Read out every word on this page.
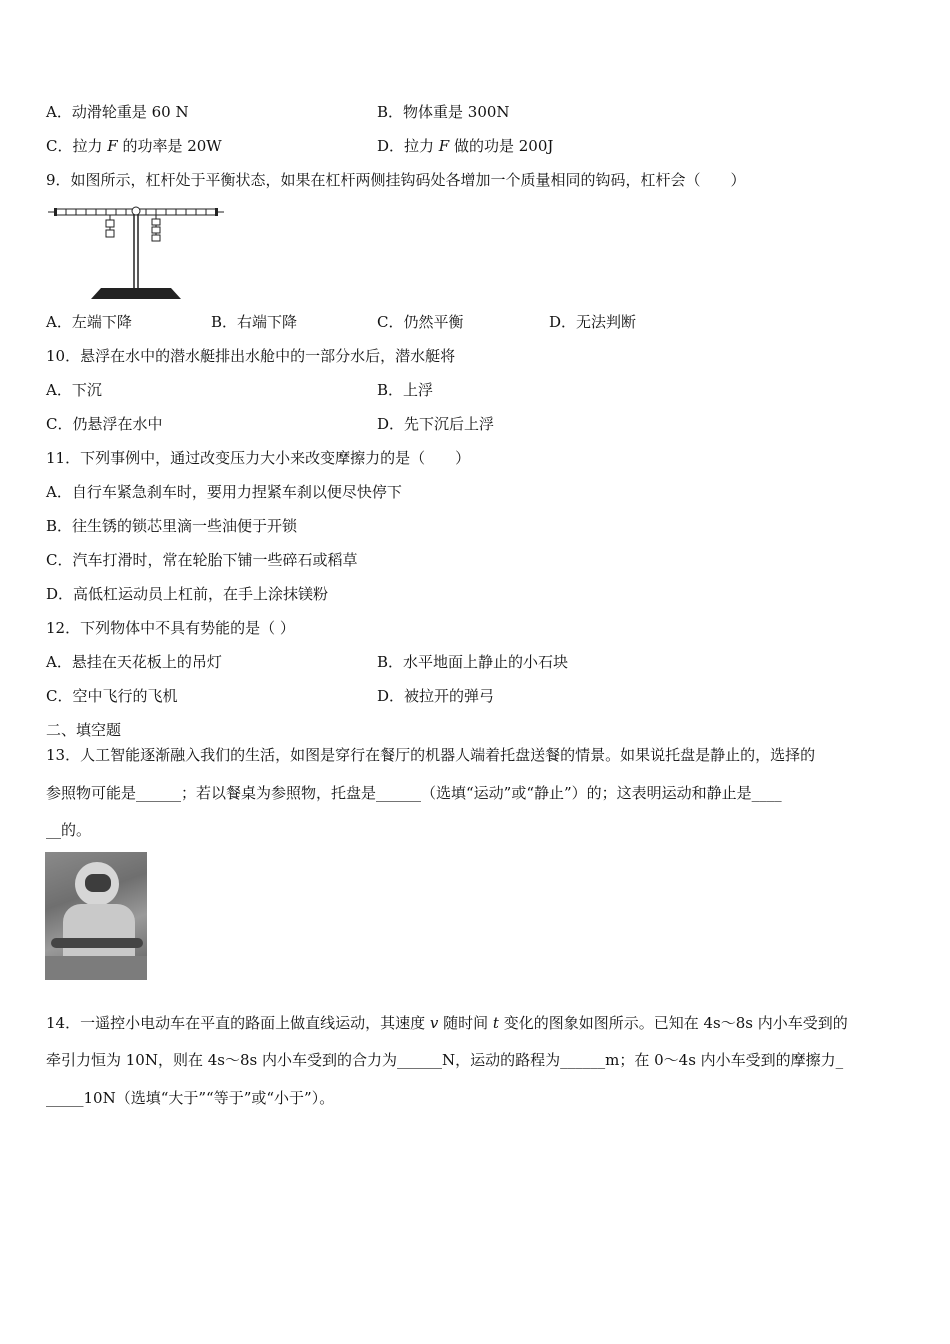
A．动滑轮重是 60 N	B．物体重是 300N
C．拉力 F 的功率是 20W	D．拉力 F 做的功是 200J
9．如图所示，杠杆处于平衡状态，如果在杠杆两侧挂钩码处各增加一个质量相同的钩码，杠杆会（　　）
A．左端下降	B．右端下降	C．仍然平衡	D．无法判断
10．悬浮在水中的潜水艇排出水舱中的一部分水后，潜水艇将
A．下沉	B．上浮
C．仍悬浮在水中	D．先下沉后上浮
11．下列事例中，通过改变压力大小来改变摩擦力的是（　　）
A．自行车紧急刹车时，要用力捏紧车刹以便尽快停下
B．往生锈的锁芯里滴一些油便于开锁
C．汽车打滑时，常在轮胎下铺一些碎石或稻草
D．高低杠运动员上杠前，在手上涂抹镁粉
12．下列物体中不具有势能的是（ ）
A．悬挂在天花板上的吊灯	B．水平地面上静止的小石块
C．空中飞行的飞机	D．被拉开的弹弓
二、填空题
13．人工智能逐渐融入我们的生活，如图是穿行在餐厅的机器人端着托盘送餐的情景。如果说托盘是静止的，选择的
参照物可能是______；若以餐桌为参照物，托盘是______（选填“运动”或“静止”）的；这表明运动和静止是____
__的。
14．一遥控小电动车在平直的路面上做直线运动，其速度 v 随时间 t 变化的图象如图所示。已知在 4s～8s 内小车受到的
牵引力恒为 10N，则在 4s～8s 内小车受到的合力为______N，运动的路程为______m；在 0～4s 内小车受到的摩擦力_
_____10N（选填“大于”“等于”或“小于”）。
